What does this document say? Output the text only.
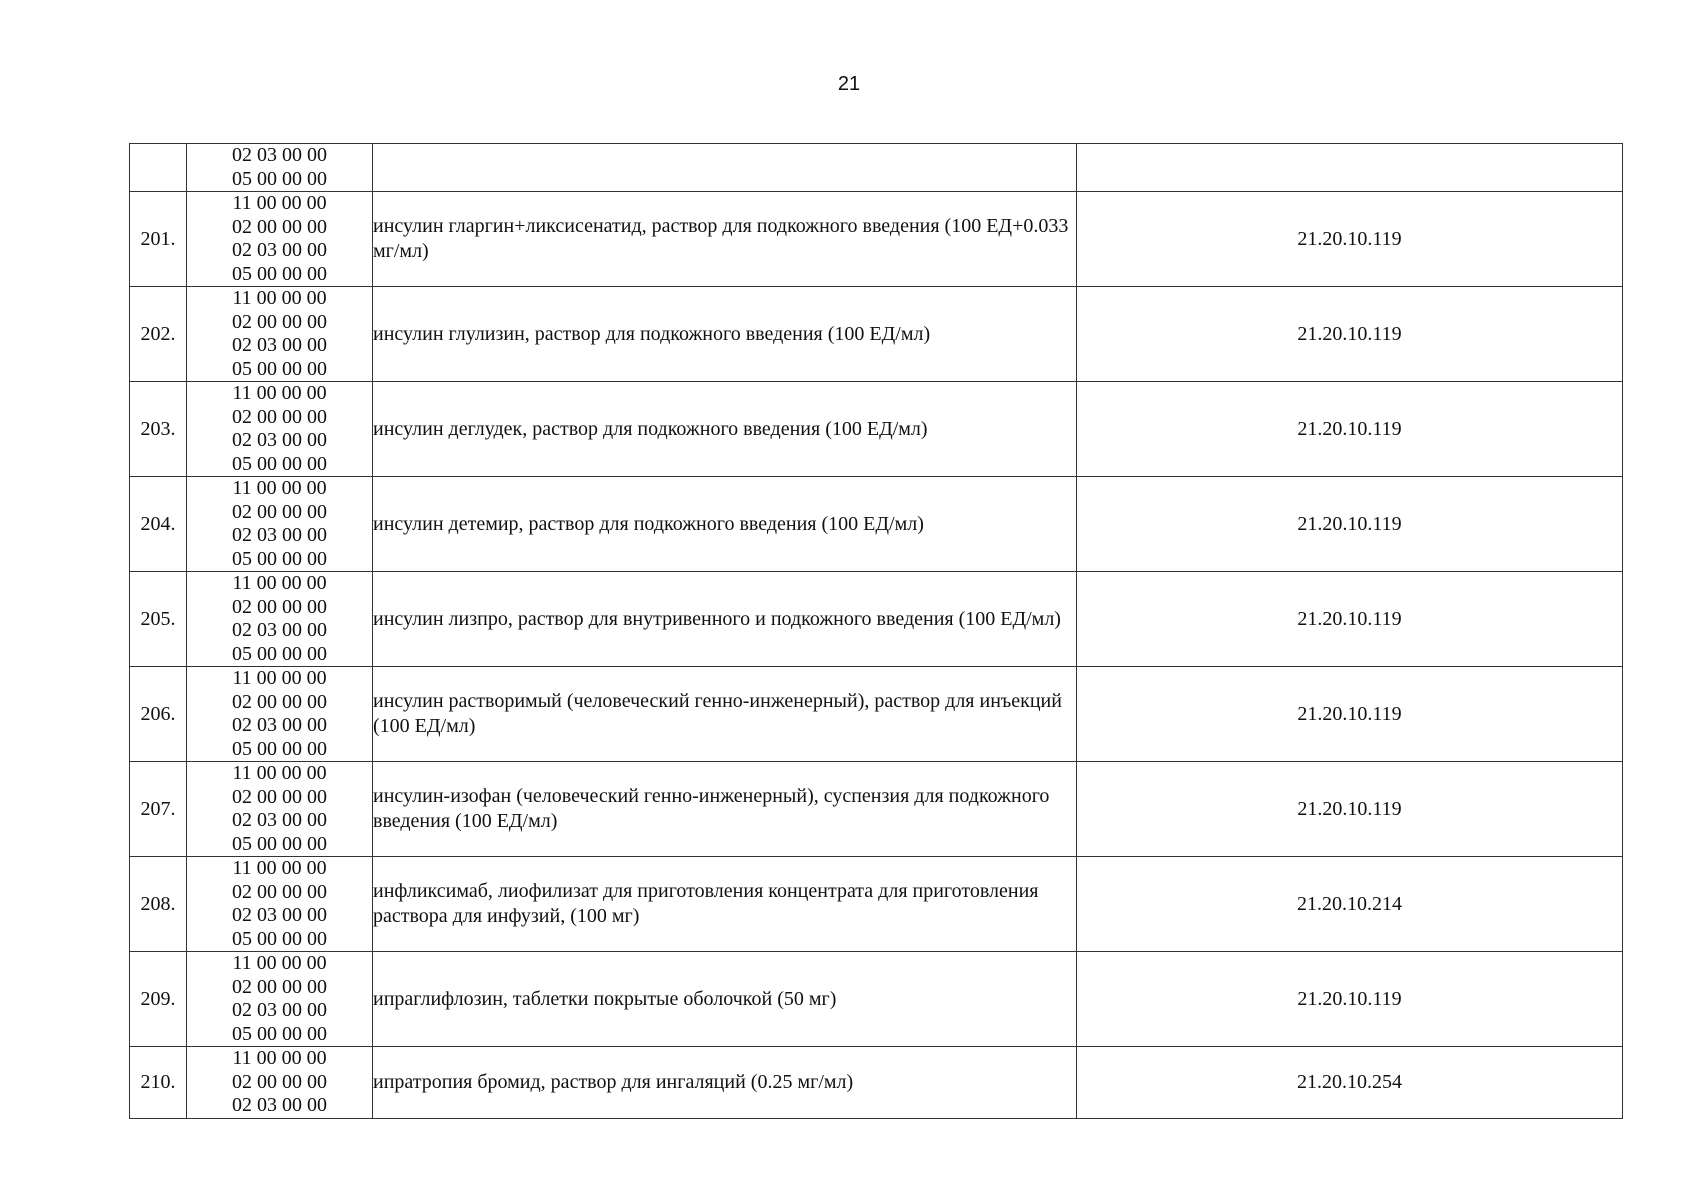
21

	02 03 00 00
05 00 00 00		

201.	11 00 00 00
02 00 00 00
02 03 00 00
05 00 00 00	инсулин гларгин+ликсисенатид, раствор для подкожного введения (100 ЕД+0.033 мг/мл)	21.20.10.119
202.	11 00 00 00
02 00 00 00
02 03 00 00
05 00 00 00	инсулин глулизин, раствор для подкожного введения (100 ЕД/мл)	21.20.10.119
203.	11 00 00 00
02 00 00 00
02 03 00 00
05 00 00 00	инсулин деглудек, раствор для подкожного введения (100 ЕД/мл)	21.20.10.119
204.	11 00 00 00
02 00 00 00
02 03 00 00
05 00 00 00	инсулин детемир, раствор для подкожного введения (100 ЕД/мл)	21.20.10.119
205.	11 00 00 00
02 00 00 00
02 03 00 00
05 00 00 00	инсулин лизпро, раствор для внутривенного и подкожного введения (100 ЕД/мл)	21.20.10.119
206.	11 00 00 00
02 00 00 00
02 03 00 00
05 00 00 00	инсулин растворимый (человеческий генно-инженерный), раствор для инъекций (100 ЕД/мл)	21.20.10.119
207.	11 00 00 00
02 00 00 00
02 03 00 00
05 00 00 00	инсулин-изофан (человеческий генно-инженерный), суспензия для подкожного введения (100 ЕД/мл)	21.20.10.119
208.	11 00 00 00
02 00 00 00
02 03 00 00
05 00 00 00	инфликсимаб, лиофилизат для приготовления концентрата для приготовления раствора для инфузий, (100 мг)	21.20.10.214
209.	11 00 00 00
02 00 00 00
02 03 00 00
05 00 00 00	ипраглифлозин, таблетки покрытые оболочкой (50 мг)	21.20.10.119
210.	11 00 00 00
02 00 00 00
02 03 00 00	ипратропия бромид, раствор для ингаляций (0.25 мг/мл)	21.20.10.254
